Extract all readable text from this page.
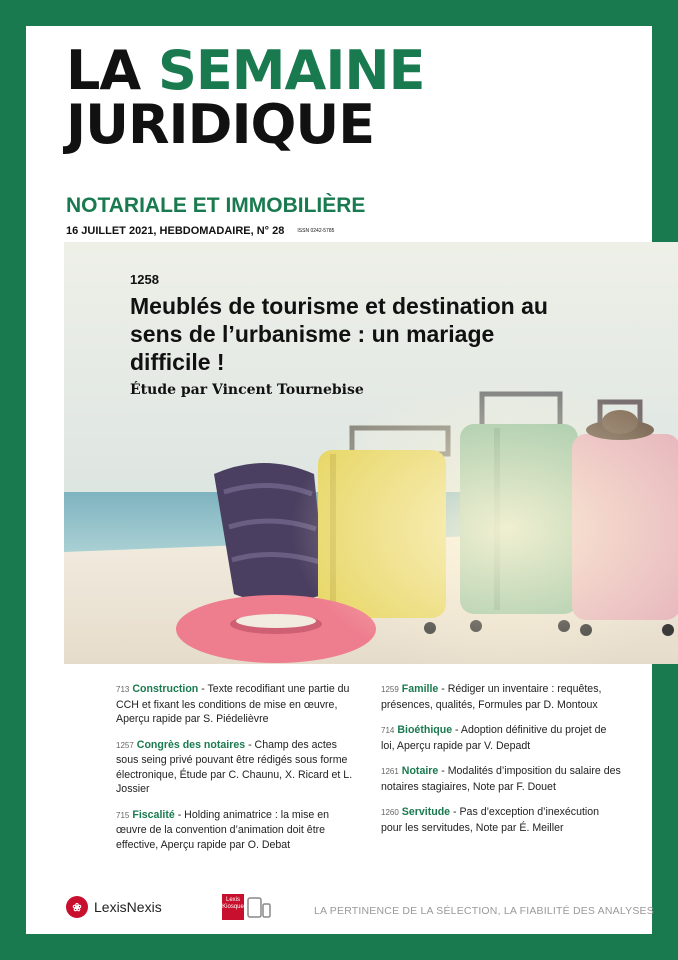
LA SEMAINE
JURIDIQUE
NOTARIALE ET IMMOBILIÈRE
16 JUILLET 2021, HEBDOMADAIRE, N° 28	ISSN 0242-5785
1258
Meublés de tourisme et destination au sens de l’urbanisme : un mariage difficile !
Étude par Vincent Tournebise
713 Construction - Texte recodifiant une partie du CCH et fixant les conditions de mise en œuvre, Aperçu rapide par S. Piédelièvre
1257 Congrès des notaires - Champ des actes sous seing privé pouvant être rédigés sous forme électronique, Étude par C. Chaunu, X. Ricard et L. Jossier
715 Fiscalité - Holding animatrice : la mise en œuvre de la convention d’animation doit être effective, Aperçu rapide par O. Debat
1259 Famille - Rédiger un inventaire : requêtes, présences, qualités, Formules par D. Montoux
714 Bioéthique - Adoption définitive du projet de loi, Aperçu rapide par V. Depadt
1261 Notaire - Modalités d’imposition du salaire des notaires stagiaires, Note par F. Douet
1260 Servitude - Pas d’exception d’inexécution pour les servitudes, Note par É. Meiller
❀ LexisNexis	Lexis
Kiosque	LA PERTINENCE DE LA SÉLECTION, LA FIABILITÉ DES ANALYSES
